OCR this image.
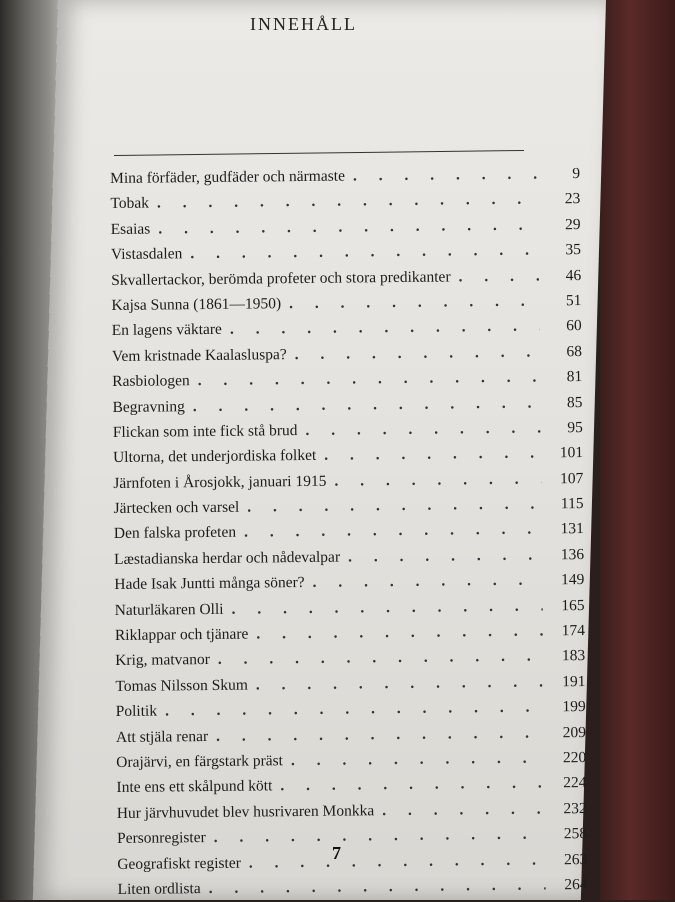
INNEHÅLL
Mina förfäder, gudfäder och närmaste . . .	9
Tobak . . .	23
Esaias . . .	29
Vistasdalen . . .	35
Skvallertackor, berömda profeter och stora predikanter . . .	46
Kajsa Sunna (1861—1950) . . .	51
En lagens väktare . . .	60
Vem kristnade Kaalasluspa? . . .	68
Rasbiologen . . .	81
Begravning . . .	85
Flickan som inte fick stå brud . . .	95
Ultorna, det underjordiska folket . . .	101
Järnfoten i Årosjokk, januari 1915 . . .	107
Järtecken och varsel . . .	115
Den falska profeten . . .	131
Læstadianska herdar och nådevalpar . . .	136
Hade Isak Juntti många söner? . . .	149
Naturläkaren Olli . . .	165
Riklappar och tjänare . . .	174
Krig, matvanor . . .	183
Tomas Nilsson Skum . . .	191
Politik . . .	199
Att stjäla renar . . .	209
Orajärvi, en färgstark präst . . .	220
Inte ens ett skålpund kött . . .	224
Hur järvhuvudet blev husrivaren Monkka . . .	232
Personregister . . .	258
Geografiskt register . . .	263
Liten ordlista . . .	264
7
